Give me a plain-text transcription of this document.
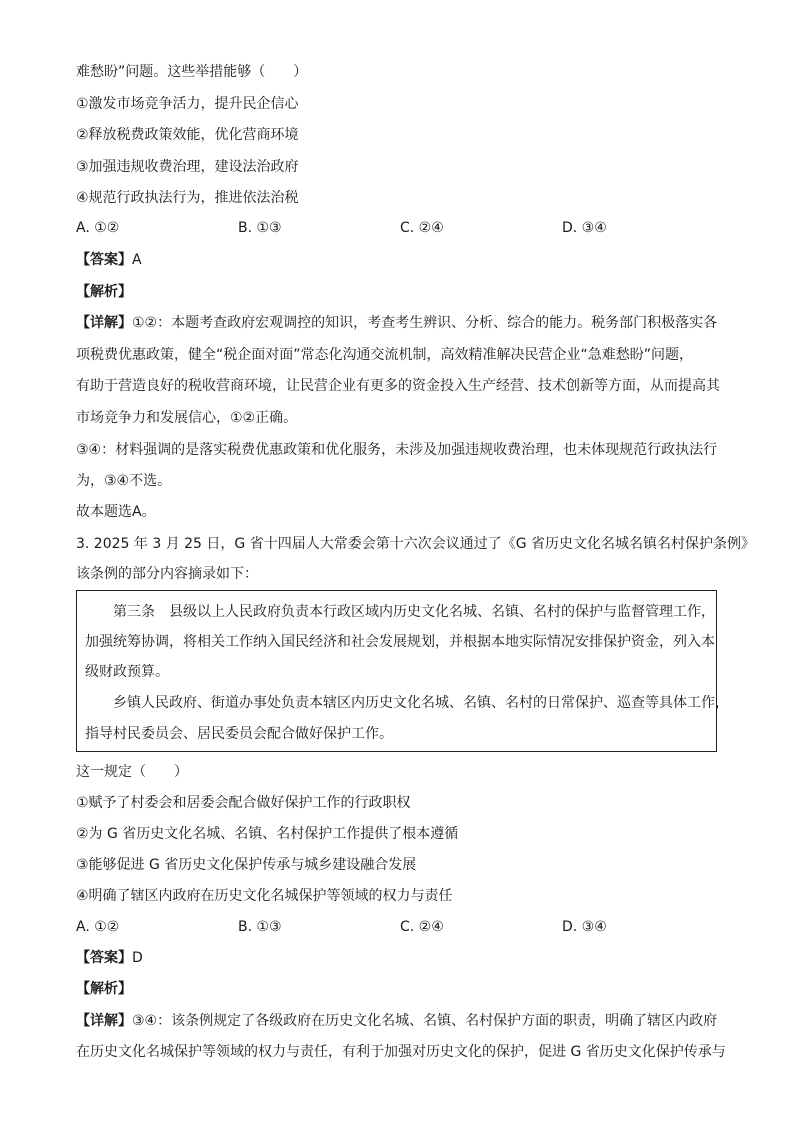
难愁盼”问题。这些举措能够（　　）
①激发市场竞争活力，提升民企信心
②释放税费政策效能，优化营商环境
③加强违规收费治理，建设法治政府
④规范行政执法行为，推进依法治税
A. ①②	B. ①③	C. ②④	D. ③④
【答案】A
【解析】
【详解】①②：本题考查政府宏观调控的知识，考查考生辨识、分析、综合的能力。税务部门积极落实各
项税费优惠政策，健全“税企面对面”常态化沟通交流机制，高效精准解决民营企业“急难愁盼”问题，
有助于营造良好的税收营商环境，让民营企业有更多的资金投入生产经营、技术创新等方面，从而提高其
市场竞争力和发展信心，①②正确。
③④：材料强调的是落实税费优惠政策和优化服务，未涉及加强违规收费治理，也未体现规范行政执法行
为，③④不选。
故本题选A。
3. 2025 年 3 月 25 日，G 省十四届人大常委会第十六次会议通过了《G 省历史文化名城名镇名村保护条例》
该条例的部分内容摘录如下：
　　第三条　县级以上人民政府负责本行政区域内历史文化名城、名镇、名村的保护与监督管理工作，
加强统筹协调，将相关工作纳入国民经济和社会发展规划，并根据本地实际情况安排保护资金，列入本
级财政预算。
　　乡镇人民政府、街道办事处负责本辖区内历史文化名城、名镇、名村的日常保护、巡查等具体工作，
指导村民委员会、居民委员会配合做好保护工作。
这一规定（　　）
①赋予了村委会和居委会配合做好保护工作的行政职权
②为 G 省历史文化名城、名镇、名村保护工作提供了根本遵循
③能够促进 G 省历史文化保护传承与城乡建设融合发展
④明确了辖区内政府在历史文化名城保护等领域的权力与责任
A. ①②	B. ①③	C. ②④	D. ③④
【答案】D
【解析】
【详解】③④：该条例规定了各级政府在历史文化名城、名镇、名村保护方面的职责，明确了辖区内政府
在历史文化名城保护等领域的权力与责任，有利于加强对历史文化的保护，促进 G 省历史文化保护传承与
